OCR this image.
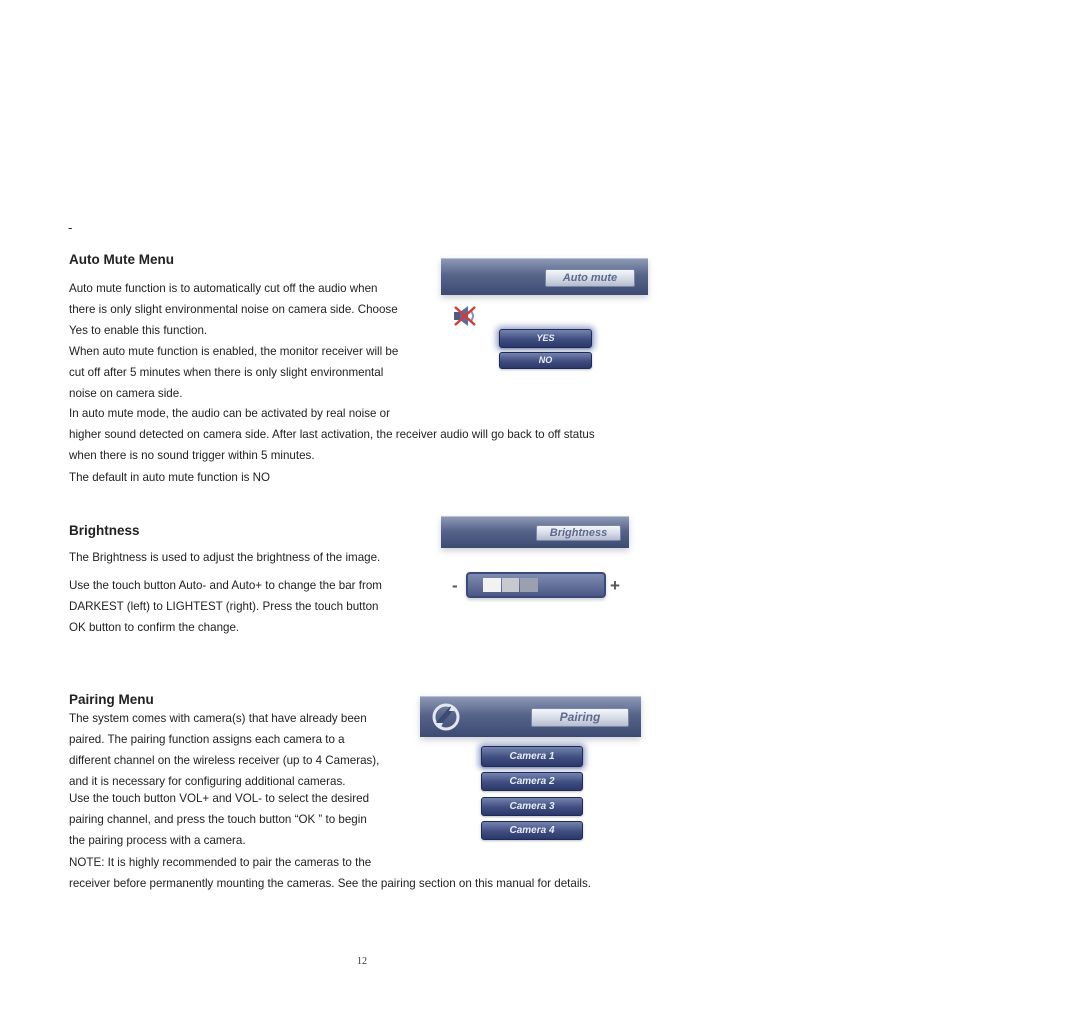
-
Auto Mute Menu

Auto mute function is to automatically cut off the audio when

there is only slight environmental noise on camera side. Choose

Yes to enable this function.

When auto mute function is enabled, the monitor receiver will be

cut off after 5 minutes when there is only slight environmental

noise on camera side.

In auto mute mode, the audio can be activated by real noise or

higher sound detected on camera side. After last activation, the receiver audio will go back to off status

when there is no sound trigger within 5 minutes.

The default in auto mute function is NO
Auto mute
YES
NO
Brightness
The Brightness is used to adjust the brightness of the image.

Use the touch button Auto- and Auto+ to change the bar from

DARKEST (left) to LIGHTEST (right). Press the touch button

OK button to confirm the change.

Brightness
-	+
Pairing Menu

The system comes with camera(s) that have already been

paired. The pairing function assigns each camera to a

different channel on the wireless receiver (up to 4 Cameras),

and it is necessary for configuring additional cameras.

Use the touch button VOL+ and VOL- to select the desired

pairing channel, and press the touch button “OK ” to begin

the pairing process with a camera.

NOTE: It is highly recommended to pair the cameras to the

receiver before permanently mounting the cameras. See the pairing section on this manual for details.

Pairing
Camera 1
Camera 2
Camera 3
Camera 4
12
